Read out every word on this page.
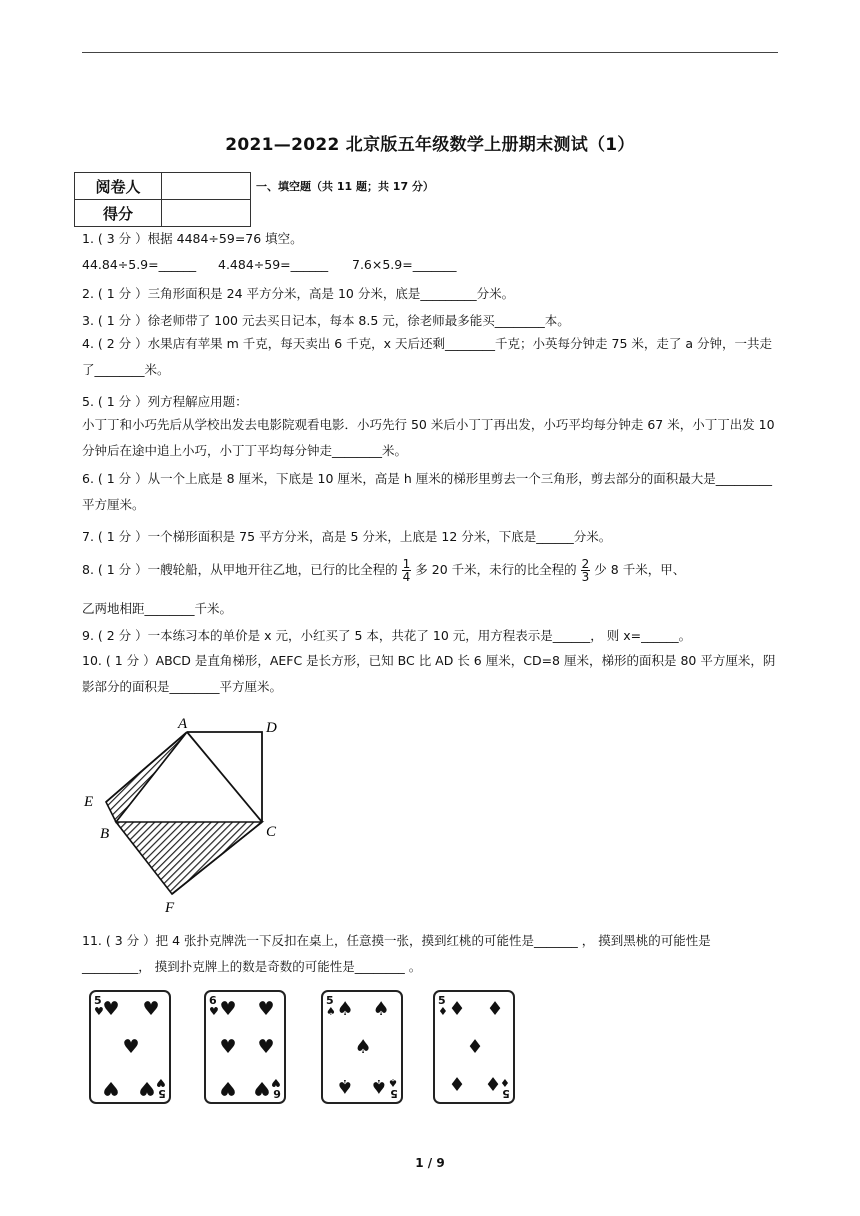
2021—2022 北京版五年级数学上册期末测试（1）
阅卷人	
得分	
一、填空题（共 11 题；共 17 分）
1. ( 3 分 ）根据 4484÷59=76 填空。
44.84÷5.9=______ 4.484÷59=______ 7.6×5.9=_______
2. ( 1 分 ）三角形面积是 24 平方分米，高是 10 分米，底是_________分米。
3. ( 1 分 ）徐老师带了 100 元去买日记本，每本 8.5 元，徐老师最多能买________本。
4. ( 2 分 ）水果店有苹果 m 千克，每天卖出 6 千克，x 天后还剩________千克；小英每分钟走 75 米，走了 a 分钟，一共走了________米。
5. ( 1 分 ）列方程解应用题：
小丁丁和小巧先后从学校出发去电影院观看电影．小巧先行 50 米后小丁丁再出发，小巧平均每分钟走 67 米，小丁丁出发 10 分钟后在途中追上小巧，小丁丁平均每分钟走________米。
6. ( 1 分 ）从一个上底是 8 厘米，下底是 10 厘米，高是 h 厘米的梯形里剪去一个三角形，剪去部分的面积最大是_________平方厘米。
7. ( 1 分 ）一个梯形面积是 75 平方分米，高是 5 分米，上底是 12 分米，下底是______分米。
8. ( 1 分 ）一艘轮船，从甲地开往乙地，已行的比全程的 $\frac{1}{4}$ 多 20 千米，未行的比全程的 $\frac{2}{3}$ 少 8 千米，甲、
乙两地相距________千米。
9. ( 2 分 ）一本练习本的单价是 x 元，小红买了 5 本，共花了 10 元，用方程表示是______， 则 x=______。
10. ( 1 分 ）ABCD 是直角梯形，AEFC 是长方形，已知 BC 比 AD 长 6 厘米，CD=8 厘米，梯形的面积是 80 平方厘米，阴影部分的面积是________平方厘米。
A	D
E
B	C
F
11. ( 3 分 ）把 4 张扑克牌洗一下反扣在桌上，任意摸一张，摸到红桃的可能性是_______ ， 摸到黑桃的可能性是_________， 摸到扑克牌上的数是奇数的可能性是________ 。
5
♥
♥ ♥
♥
♥ ♥ 5
♥
6
♥ ♥ ♥
♥ ♥
♥ ♥ 6
♥
5
♠ ♠ ♠
♠
♠ ♠ 5
♠
5
♦ ♦ ♦
♦
♦ ♦ 5
♦
1 / 9
